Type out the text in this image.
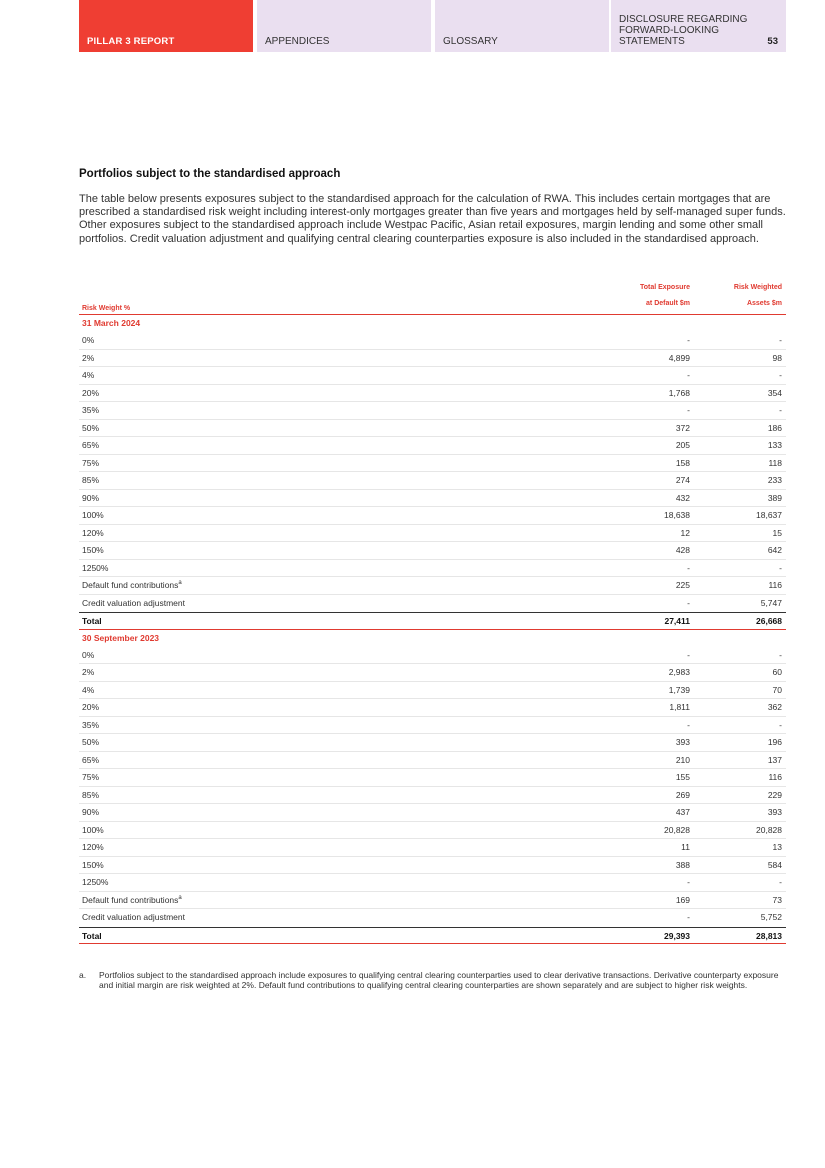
PILLAR 3 REPORT	APPENDICES	GLOSSARY
DISCLOSURE REGARDING FORWARD-LOOKING STATEMENTS	53
Portfolios subject to the standardised approach
The table below presents exposures subject to the standardised approach for the calculation of RWA. This includes certain mortgages that are prescribed a standardised risk weight including interest-only mortgages greater than five years and mortgages held by self-managed super funds. Other exposures subject to the standardised approach include Westpac Pacific, Asian retail exposures, margin lending and some other small portfolios. Credit valuation adjustment and qualifying central clearing counterparties exposure is also included in the standardised approach.
Risk Weight %
Total Exposure
at Default $m
Risk Weighted
Assets $m
31 March 2024
0%	-	-
2%	4,899	98
4%	-	-
20%	1,768	354
35%	-	-
50%	372	186
65%	205	133
75%	158	118
85%	274	233
90%	432	389
100%	18,638	18,637
120%	12	15
150%	428	642
1250%	-	-
Default fund contributions$^a$	225	116
Credit valuation adjustment	-	5,747
Total	27,411	26,668
30 September 2023
0%	-	-
2%	2,983	60
4%	1,739	70
20%	1,811	362
35%	-	-
50%	393	196
65%	210	137
75%	155	116
85%	269	229
90%	437	393
100%	20,828	20,828
120%	11	13
150%	388	584
1250%	-	-
Default fund contributions$^a$	169	73
Credit valuation adjustment	-	5,752
Total	29,393	28,813
a. Portfolios subject to the standardised approach include exposures to qualifying central clearing counterparties used to clear derivative transactions. Derivative counterparty exposure and initial margin are risk weighted at 2%. Default fund contributions to qualifying central clearing counterparties are shown separately and are subject to higher risk weights.
